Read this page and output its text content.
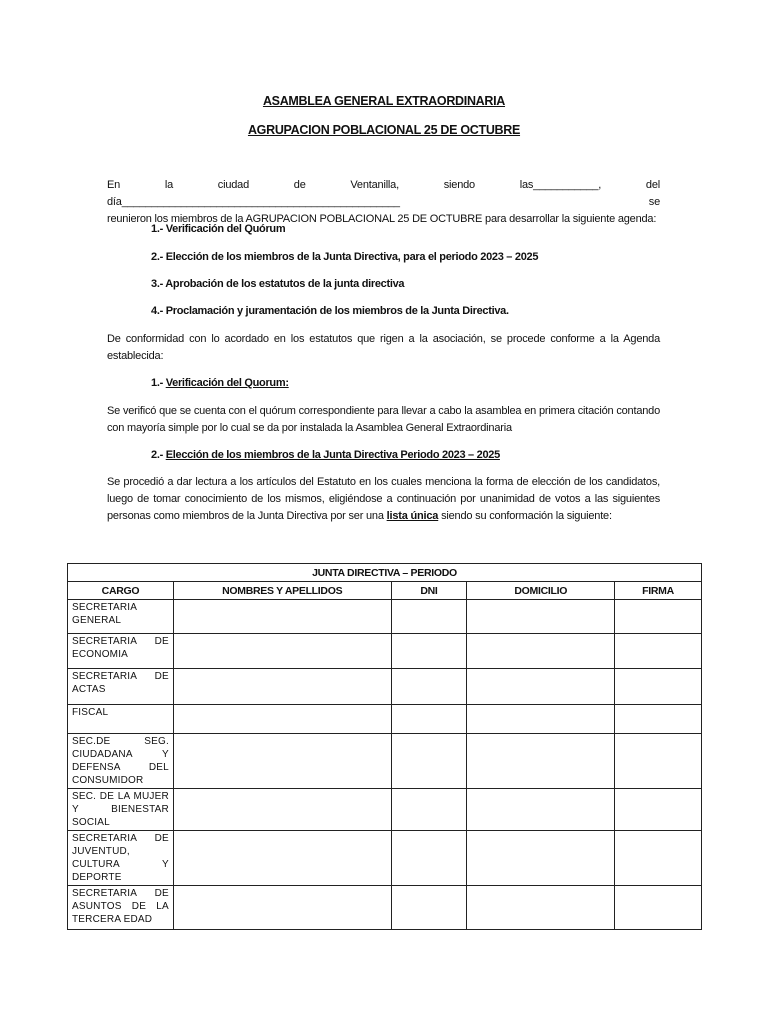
ASAMBLEA GENERAL EXTRAORDINARIA
AGRUPACION POBLACIONAL 25 DE OCTUBRE
En la ciudad de Ventanilla, siendo las___________, del día_______________________________________________ se
reunieron los miembros de la AGRUPACION POBLACIONAL 25 DE OCTUBRE para desarrollar la siguiente agenda:
1.- Verificación del Quórum
2.- Elección de los miembros de la Junta Directiva, para el periodo 2023 – 2025
3.- Aprobación de los estatutos de la junta directiva
4.- Proclamación y juramentación de los miembros de la Junta Directiva.
De conformidad con lo acordado en los estatutos que rigen a la asociación, se procede conforme a la Agenda
establecida:
1.- Verificación del Quorum:
Se verificó que se cuenta con el quórum correspondiente para llevar a cabo la asamblea en primera citación contando
con mayoría simple por lo cual se da por instalada la Asamblea General Extraordinaria
2.- Elección de los miembros de la Junta Directiva Periodo 2023 – 2025
Se procedió a dar lectura a los artículos del Estatuto en los cuales menciona la forma de elección de los candidatos,
luego de tomar conocimiento de los mismos, eligiéndose a continuación por unanimidad de votos a las siguientes
personas como miembros de la Junta Directiva por ser una lista única siendo su conformación la siguiente:
JUNTA DIRECTIVA – PERIODO				
CARGO	NOMBRES Y APELLIDOS	DNI	DOMICILIO	FIRMA

SECRETARIA
GENERAL				

SECRETARIA DE
ECONOMIA				

SECRETARIA DE
ACTAS				

FISCAL				

SEC.DE SEG.
CIUDADANA Y
DEFENSA DEL
CONSUMIDOR				

SEC. DE LA MUJER
Y BIENESTAR
SOCIAL				

SECRETARIA DE
JUVENTUD,
CULTURA Y
DEPORTE				

SECRETARIA DE
ASUNTOS DE LA
TERCERA EDAD				
